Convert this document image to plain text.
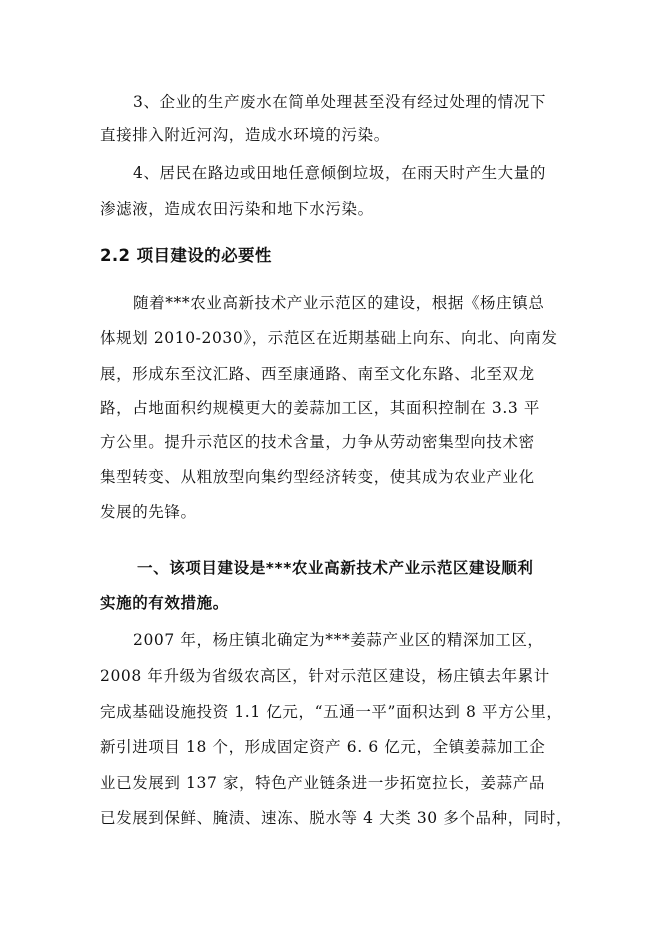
3、企业的生产废水在简单处理甚至没有经过处理的情况下
直接排入附近河沟，造成水环境的污染。
4、居民在路边或田地任意倾倒垃圾，在雨天时产生大量的
渗滤液，造成农田污染和地下水污染。
2.2 项目建设的必要性
随着***农业高新技术产业示范区的建设，根据《杨庄镇总
体规划 2010-2030》，示范区在近期基础上向东、向北、向南发
展，形成东至汶汇路、西至康通路、南至文化东路、北至双龙
路，占地面积约规模更大的姜蒜加工区，其面积控制在 3.3 平
方公里。提升示范区的技术含量，力争从劳动密集型向技术密
集型转变、从粗放型向集约型经济转变，使其成为农业产业化
发展的先锋。
一、该项目建设是***农业高新技术产业示范区建设顺利
实施的有效措施。
2007 年，杨庄镇北确定为***姜蒜产业区的精深加工区，
2008 年升级为省级农高区，针对示范区建设，杨庄镇去年累计
完成基础设施投资 1.1 亿元，“五通一平”面积达到 8 平方公里，
新引进项目 18 个，形成固定资产 6. 6 亿元，全镇姜蒜加工企
业已发展到 137 家，特色产业链条进一步拓宽拉长，姜蒜产品
已发展到保鲜、腌渍、速冻、脱水等 4 大类 30 多个品种，同时，
